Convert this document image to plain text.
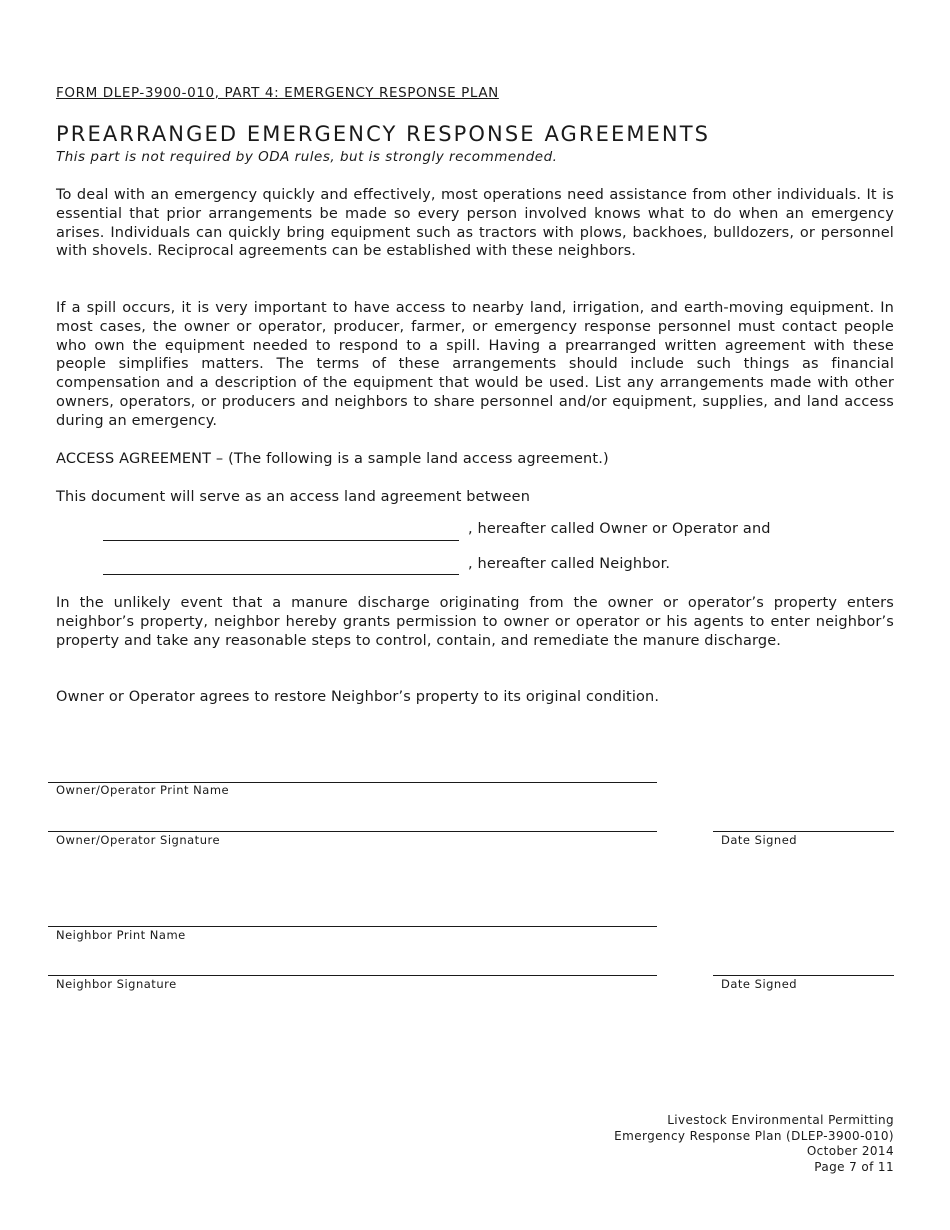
FORM DLEP-3900-010, PART 4: EMERGENCY RESPONSE PLAN
PREARRANGED EMERGENCY RESPONSE AGREEMENTS
This part is not required by ODA rules, but is strongly recommended.

To deal with an emergency quickly and effectively, most operations need assistance from other individuals. It is essential that prior arrangements be made so every person involved knows what to do when an emergency arises. Individuals can quickly bring equipment such as tractors with plows, backhoes, bulldozers, or personnel with shovels. Reciprocal agreements can be established with these neighbors.

If a spill occurs, it is very important to have access to nearby land, irrigation, and earth-moving equipment. In most cases, the owner or operator, producer, farmer, or emergency response personnel must contact people who own the equipment needed to respond to a spill. Having a prearranged written agreement with these people simplifies matters. The terms of these arrangements should include such things as financial compensation and a description of the equipment that would be used. List any arrangements made with other owners, operators, or producers and neighbors to share personnel and/or equipment, supplies, and land access during an emergency.

ACCESS AGREEMENT – (The following is a sample land access agreement.)

This document will serve as an access land agreement between

, hereafter called Owner or Operator and
, hereafter called Neighbor.

In the unlikely event that a manure discharge originating from the owner or operator’s property enters neighbor’s property, neighbor hereby grants permission to owner or operator or his agents to enter neighbor’s property and take any reasonable steps to control, contain, and remediate the manure discharge.

Owner or Operator agrees to restore Neighbor’s property to its original condition.

Owner/Operator Print Name
Owner/Operator Signature	Date Signed
Neighbor Print Name
Neighbor Signature	Date Signed
Livestock Environmental Permitting
Emergency Response Plan (DLEP-3900-010)
October 2014
Page 7 of 11
